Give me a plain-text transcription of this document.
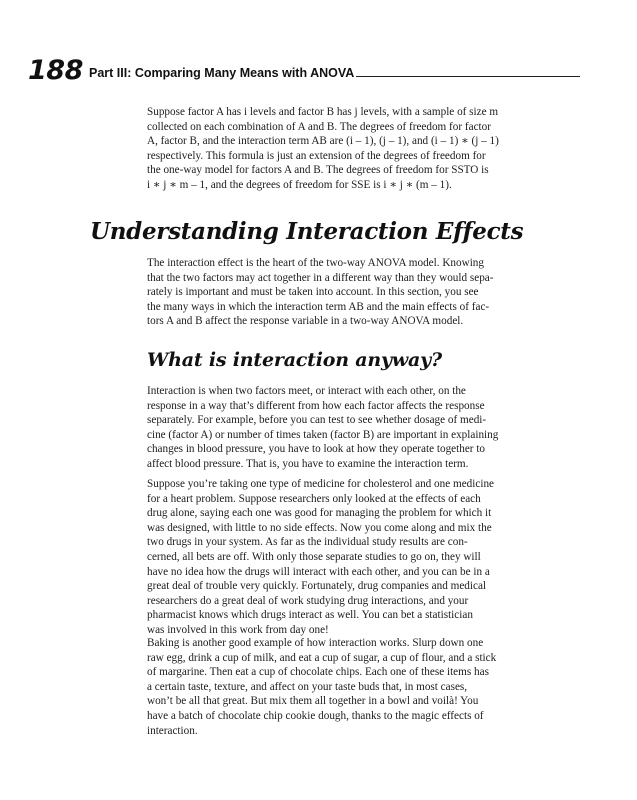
188 Part III: Comparing Many Means with ANOVA

Suppose factor A has i levels and factor B has j levels, with a sample of size m
collected on each combination of A and B. The degrees of freedom for factor
A, factor B, and the interaction term AB are (i – 1), (j – 1), and (i – 1) ∗ (j – 1)
respectively. This formula is just an extension of the degrees of freedom for
the one-way model for factors A and B. The degrees of freedom for SSTO is
i ∗ j ∗ m – 1, and the degrees of freedom for SSE is i ∗ j ∗ (m – 1).

Understanding Interaction Effects

The interaction effect is the heart of the two-way ANOVA model. Knowing
that the two factors may act together in a different way than they would sepa-
rately is important and must be taken into account. In this section, you see
the many ways in which the interaction term AB and the main effects of fac-
tors A and B affect the response variable in a two-way ANOVA model.

What is interaction anyway?

Interaction is when two factors meet, or interact with each other, on the
response in a way that’s different from how each factor affects the response
separately. For example, before you can test to see whether dosage of medi-
cine (factor A) or number of times taken (factor B) are important in explaining
changes in blood pressure, you have to look at how they operate together to
affect blood pressure. That is, you have to examine the interaction term.

Suppose you’re taking one type of medicine for cholesterol and one medicine
for a heart problem. Suppose researchers only looked at the effects of each
drug alone, saying each one was good for managing the problem for which it
was designed, with little to no side effects. Now you come along and mix the
two drugs in your system. As far as the individual study results are con-
cerned, all bets are off. With only those separate studies to go on, they will
have no idea how the drugs will interact with each other, and you can be in a
great deal of trouble very quickly. Fortunately, drug companies and medical
researchers do a great deal of work studying drug interactions, and your
pharmacist knows which drugs interact as well. You can bet a statistician
was involved in this work from day one!

Baking is another good example of how interaction works. Slurp down one
raw egg, drink a cup of milk, and eat a cup of sugar, a cup of flour, and a stick
of margarine. Then eat a cup of chocolate chips. Each one of these items has
a certain taste, texture, and affect on your taste buds that, in most cases,
won’t be all that great. But mix them all together in a bowl and voilà! You
have a batch of chocolate chip cookie dough, thanks to the magic effects of
interaction.
